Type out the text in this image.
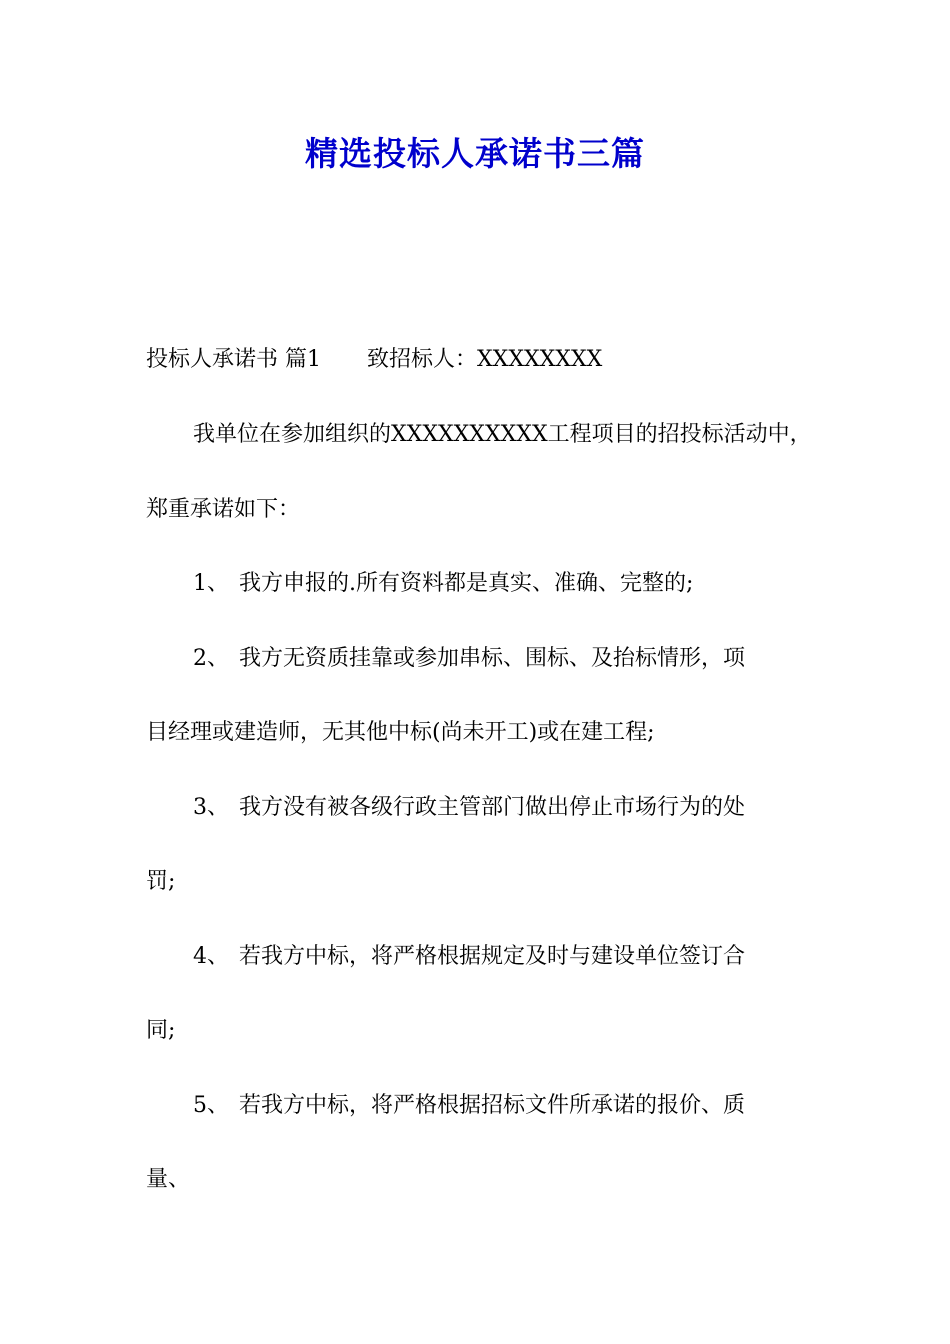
精选投标人承诺书三篇

投标人承诺书 篇1 致招标人：XXXXXXXX

我单位在参加组织的XXXXXXXXXX工程项目的招投标活动中，

郑重承诺如下：

1、 我方申报的.所有资料都是真实、准确、完整的;

2、 我方无资质挂靠或参加串标、围标、及抬标情形，项

目经理或建造师，无其他中标(尚未开工)或在建工程;

3、 我方没有被各级行政主管部门做出停止市场行为的处

罚;

4、 若我方中标，将严格根据规定及时与建设单位签订合

同;

5、 若我方中标，将严格根据招标文件所承诺的报价、质

量、
